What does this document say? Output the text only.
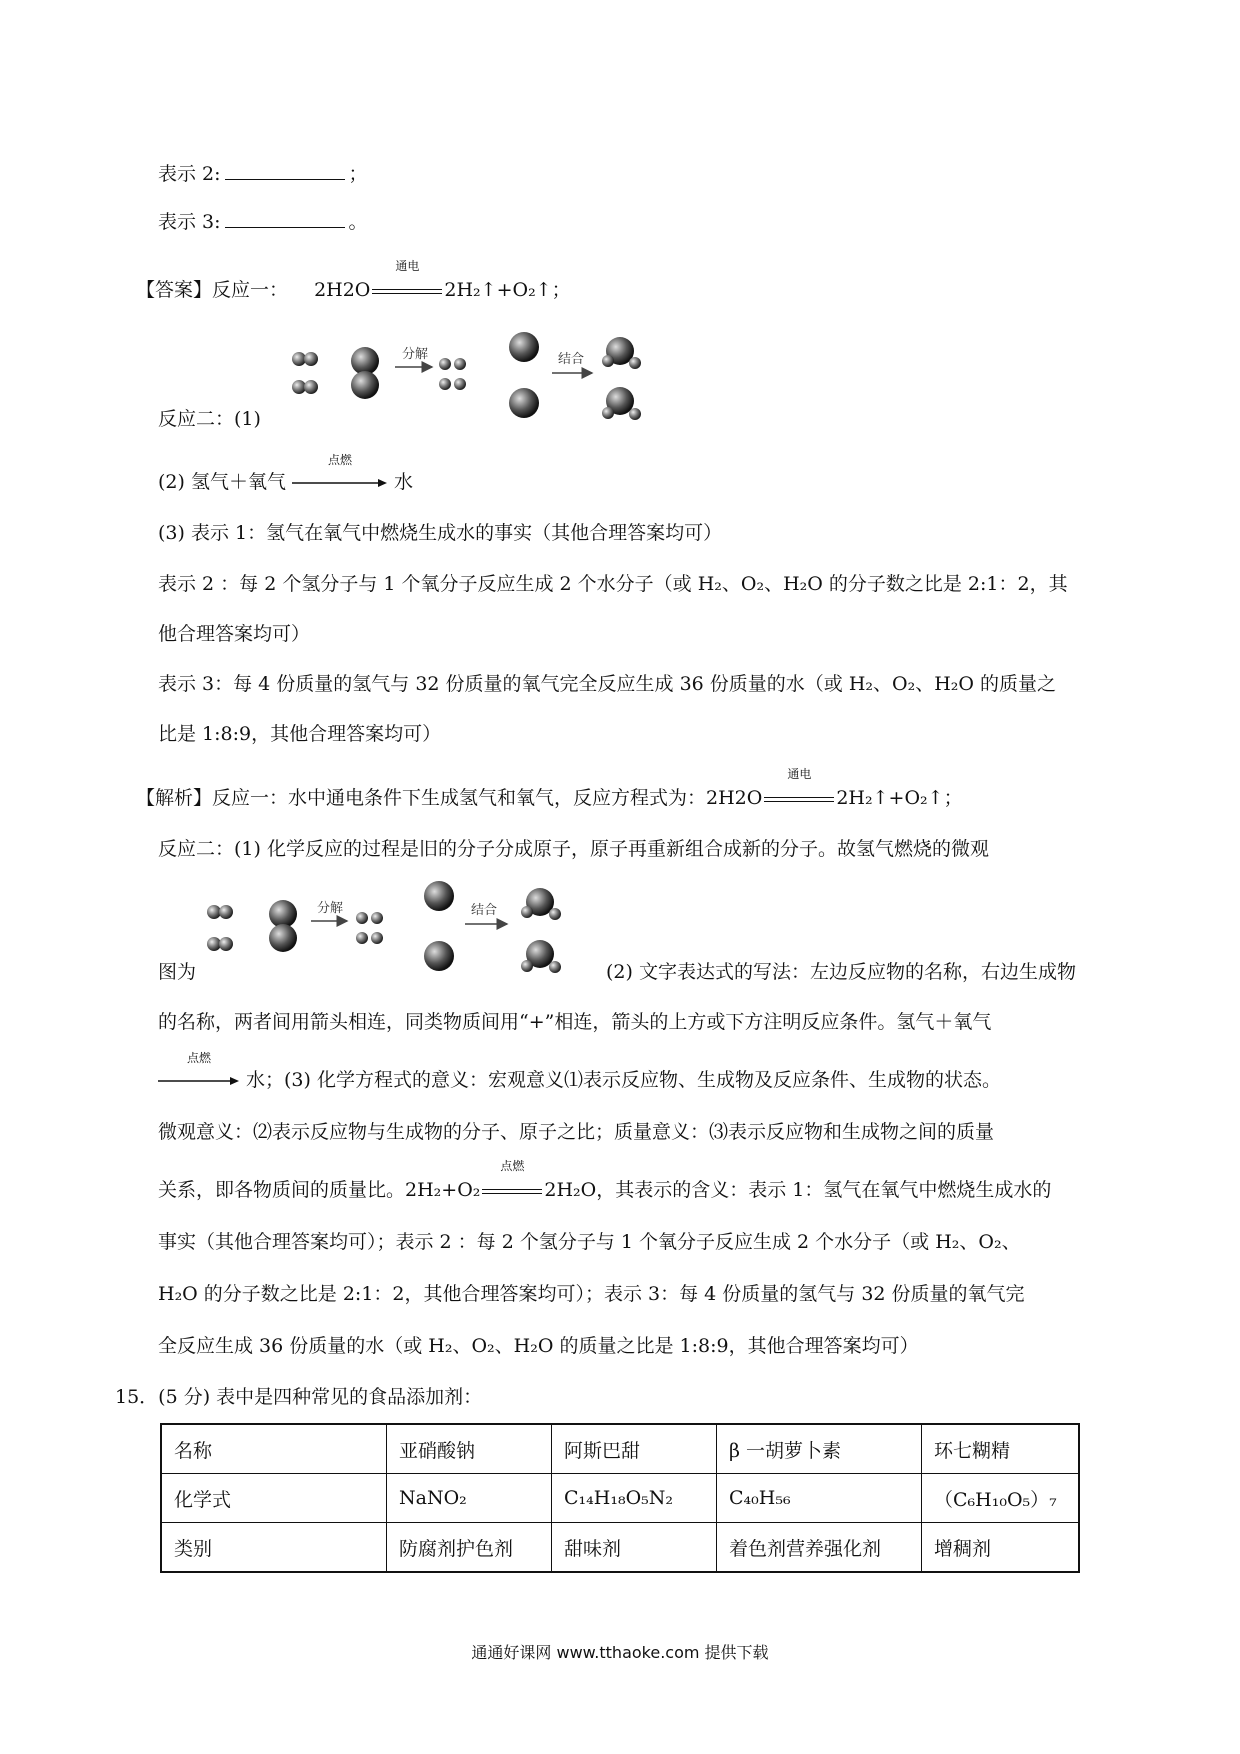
表示 2:	；
表示 3:	。
【答案】反应一： 2H2O
通电
2H₂↑+O₂↑；
分解	结合
反应二：(1)
(2) 氢气＋氧气
点燃
水
(3) 表示 1：氢气在氧气中燃烧生成水的事实（其他合理答案均可）
表示 2 ：每 2 个氢分子与 1 个氧分子反应生成 2 个水分子（或 H₂、O₂、H₂O 的分子数之比是 2:1：2，其
他合理答案均可）
表示 3：每 4 份质量的氢气与 32 份质量的氧气完全反应生成 36 份质量的水（或 H₂、O₂、H₂O 的质量之
比是 1:8:9，其他合理答案均可）
【解析】反应一：水中通电条件下生成氢气和氧气，反应方程式为：2H2O
通电
2H₂↑+O₂↑；
反应二：(1) 化学反应的过程是旧的分子分成原子，原子再重新组合成新的分子。故氢气燃烧的微观
分解	结合
图为	(2) 文字表达式的写法：左边反应物的名称，右边生成物
的名称，两者间用箭头相连，同类物质间用“+”相连，箭头的上方或下方注明反应条件。氢气＋氧气
点燃
水；(3) 化学方程式的意义：宏观意义⑴表示反应物、生成物及反应条件、生成物的状态。
微观意义：⑵表示反应物与生成物的分子、原子之比；质量意义：⑶表示反应物和生成物之间的质量
关系，即各物质间的质量比。2H₂+O₂
点燃
2H₂O，其表示的含义：表示 1：氢气在氧气中燃烧生成水的
事实（其他合理答案均可）；表示 2 ：每 2 个氢分子与 1 个氧分子反应生成 2 个水分子（或 H₂、O₂、
H₂O 的分子数之比是 2:1：2，其他合理答案均可）；表示 3：每 4 份质量的氢气与 32 份质量的氧气完
全反应生成 36 份质量的水（或 H₂、O₂、H₂O 的质量之比是 1:8:9，其他合理答案均可）
15．(5 分) 表中是四种常见的食品添加剂：
名称	亚硝酸钠	阿斯巴甜	β 一胡萝卜素	环七糊精
化学式	NaNO₂	C₁₄H₁₈O₅N₂	C₄₀H₅₆	（C₆H₁₀O₅）₇
类别	防腐剂护色剂	甜味剂	着色剂营养强化剂	增稠剂
通通好课网 www.tthaoke.com 提供下载
